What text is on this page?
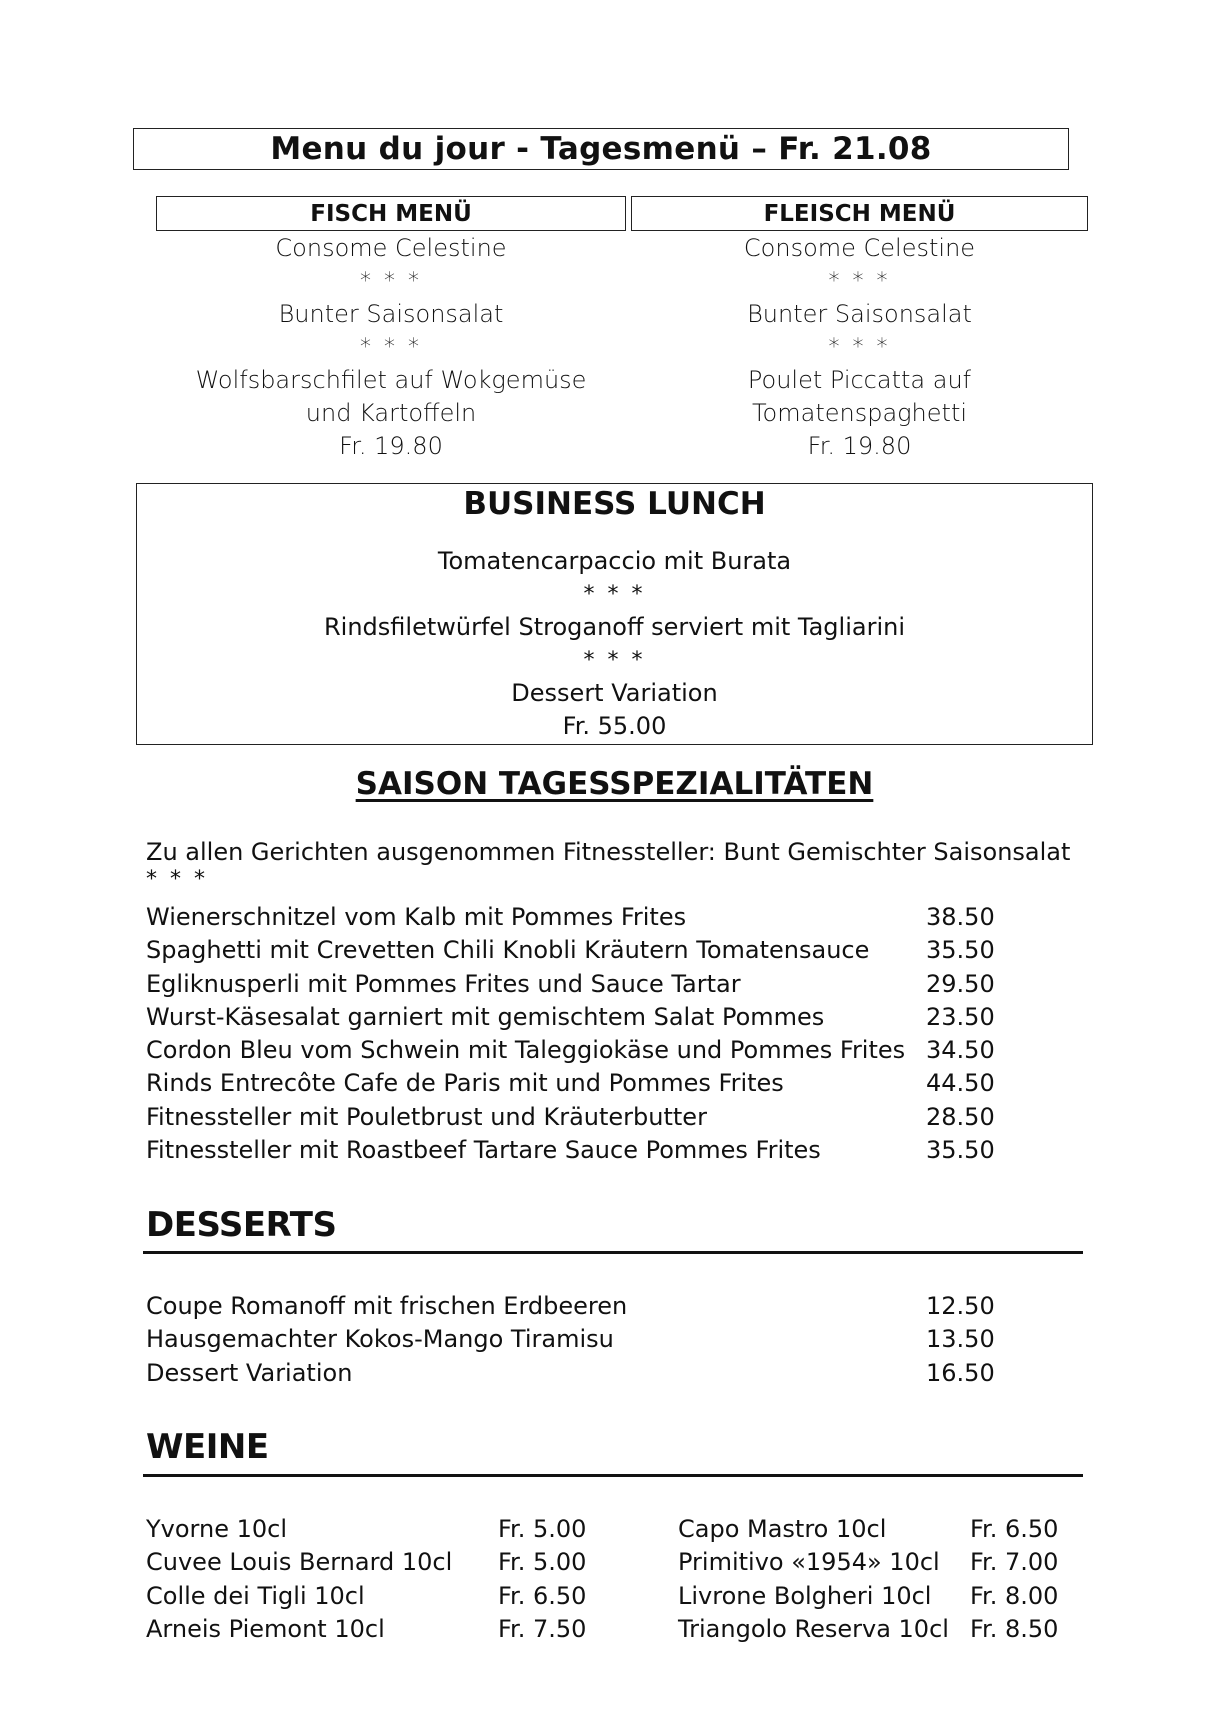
Menu du jour - Tagesmenü – Fr. 21.08
FISCH MENÜ
Consome Celestine
* * *
Bunter Saisonsalat
* * *
Wolfsbarschfilet auf Wokgemüse
und Kartoffeln
Fr. 19.80
FLEISCH MENÜ
Consome Celestine
* * *
Bunter Saisonsalat
* * *
Poulet Piccatta auf
Tomatenspaghetti
Fr. 19.80
BUSINESS LUNCH
Tomatencarpaccio mit Burata
* * *
Rindsfiletwürfel Stroganoff serviert mit Tagliarini
* * *
Dessert Variation
Fr. 55.00
SAISON TAGESSPEZIALITÄTEN
Zu allen Gerichten ausgenommen Fitnessteller: Bunt Gemischter Saisonsalat
* * *
Wienerschnitzel vom Kalb mit Pommes Frites	38.50
Spaghetti mit Crevetten Chili Knobli Kräutern Tomatensauce 35.50
Egliknusperli mit Pommes Frites und Sauce Tartar	29.50
Wurst-Käsesalat garniert mit gemischtem Salat Pommes	23.50
Cordon Bleu vom Schwein mit Taleggiokäse und Pommes Frites 34.50
Rinds Entrecôte Cafe de Paris mit und Pommes Frites	44.50
Fitnessteller mit Pouletbrust und Kräuterbutter	28.50
Fitnessteller mit Roastbeef Tartare Sauce Pommes Frites	35.50
DESSERTS
Coupe Romanoff mit frischen Erdbeeren	12.50
Hausgemachter Kokos-Mango Tiramisu	13.50
Dessert Variation	16.50
WEINE
Yvorne 10cl	Fr. 5.00	Capo Mastro 10cl	Fr. 6.50
Cuvee Louis Bernard 10cl	Fr. 5.00	Primitivo «1954» 10cl	Fr. 7.00
Colle dei Tigli 10cl	Fr. 6.50	Livrone Bolgheri 10cl	Fr. 8.00
Arneis Piemont 10cl	Fr. 7.50	Triangolo Reserva 10cl Fr. 8.50
